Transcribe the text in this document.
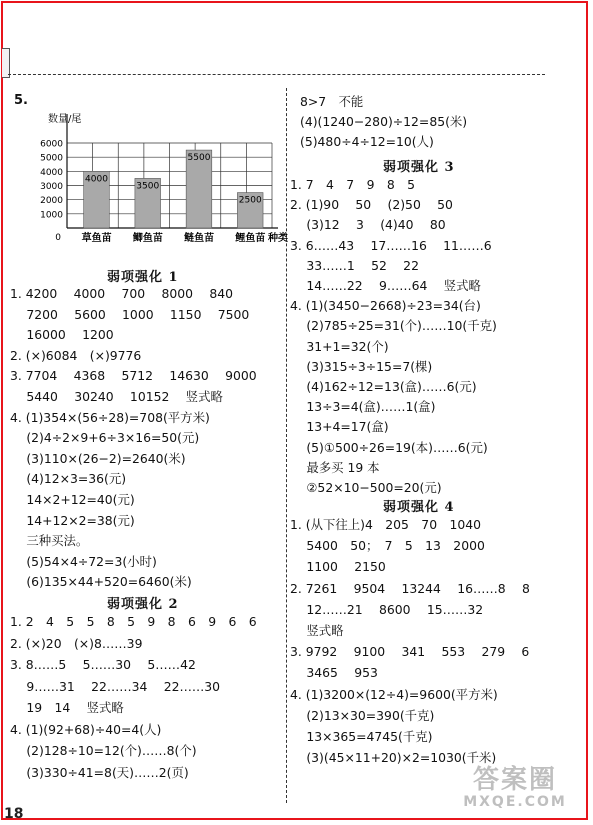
5.
数量/尾
1000
2000
3000
4000
5000
6000
0
4000
草鱼苗
3500
鲫鱼苗
5500
鲢鱼苗
2500
鲤鱼苗 种类
弱项强化 1
1. 4200　 4000　 700　 8000　 840
　 7200　 5600　 1000　 1150　 7500
　 16000　 1200
2. (×)6084　(×)9776
3. 7704　 4368　 5712　 14630　 9000
　 5440　 30240　 10152　 竖式略
4. (1)354×(56÷28)=708(平方米)
　 (2)4÷2×9+6÷3×16=50(元)
　 (3)110×(26−2)=2640(米)
　 (4)12×3=36(元)
　 14×2+12=40(元)
　 14+12×2=38(元)
　 三种买法。
　 (5)54×4÷72=3(小时)
　 (6)135×44+520=6460(米)
弱项强化 2
1. 2　4　5　5　8　5　9　8　6　9　6　6
2. (×)20　(×)8……39
3. 8……5　 5……30　 5……42
　 9……31　 22……34　 22……30
　 19　14　 竖式略
4. (1)(92+68)÷40=4(人)
　 (2)128÷10=12(个)……8(个)
　 (3)330÷41=8(天)……2(页)
8>7　不能
(4)(1240−280)÷12=85(米)
(5)480÷4÷12=10(人)
弱项强化 3
1. 7　4　7　9　8　5
2. (1)90　 50　 (2)50　 50
　 (3)12　 3　 (4)40　 80
3. 6……43　 17……16　 11……6
　 33……1　 52　 22
　 14……22　 9……64　 竖式略
4. (1)(3450−2668)÷23=34(台)
　 (2)785÷25=31(个)……10(千克)
　 31+1=32(个)
　 (3)315÷3÷15=7(棵)
　 (4)162÷12=13(盒)……6(元)
　 13÷3=4(盒)……1(盒)
　 13+4=17(盒)
　 (5)①500÷26=19(本)……6(元)
　 最多买 19 本
　 ②52×10−500=20(元)
弱项强化 4
1. (从下往上)4　205　70　1040
　 5400　50；　7　5　13　2000
　 1100　 2150
2. 7261　 9504　 13244　 16……8　 8
　 12……21　 8600　 15……32
　 竖式略
3. 9792　 9100　 341　 553　 279　 6
　 3465　 953
4. (1)3200×(12÷4)=9600(平方米)
　 (2)13×30=390(千克)
　 13×365=4745(千克)
　 (3)(45×11+20)×2=1030(千米)
18
答案圈
MXQE.COM
